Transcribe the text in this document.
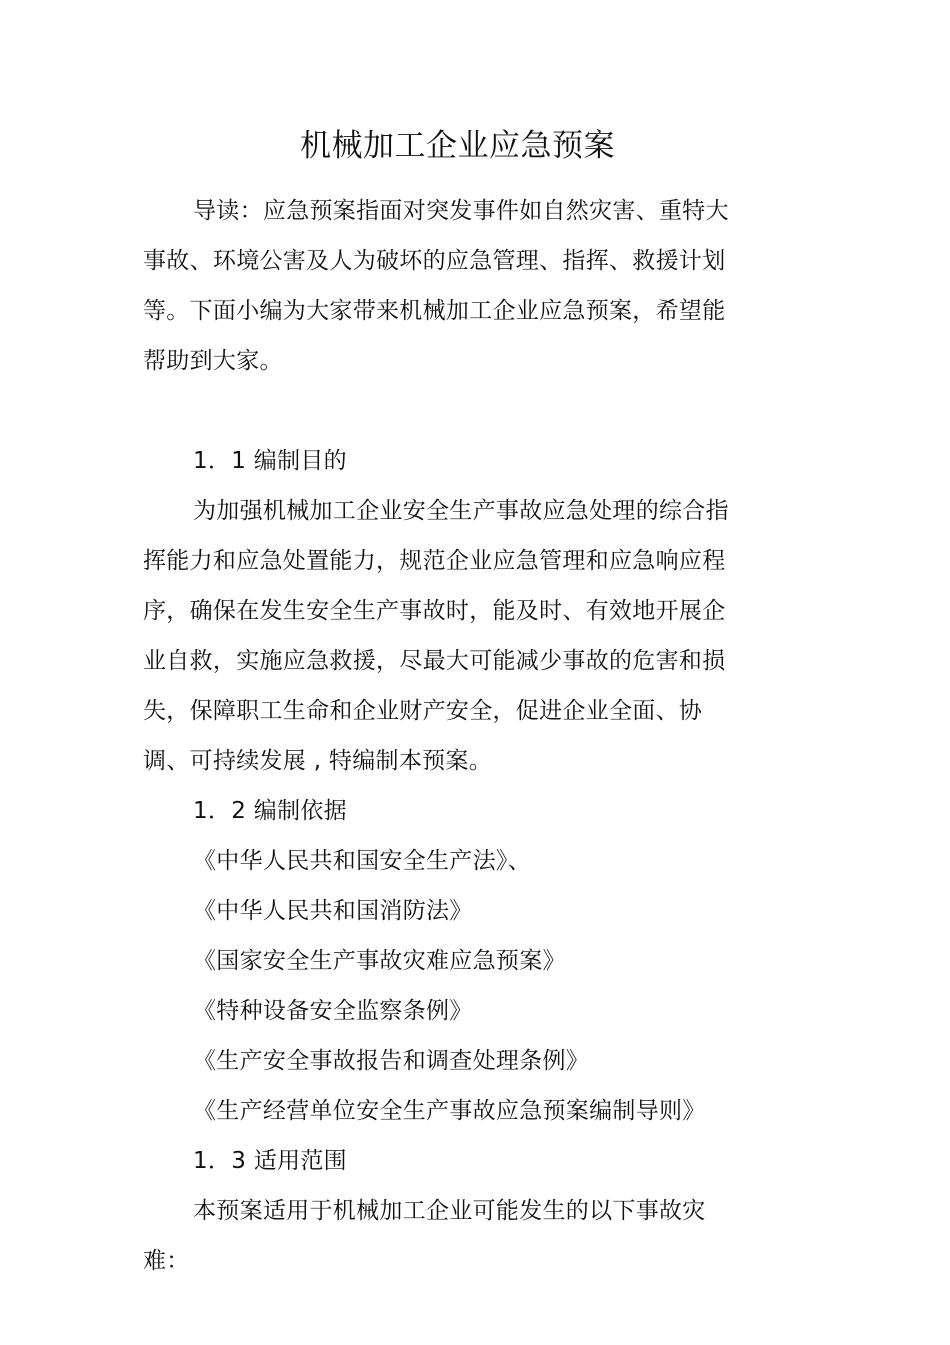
机械加工企业应急预案

导读：应急预案指面对突发事件如自然灾害、重特大事故、环境公害及人为破坏的应急管理、指挥、救援计划等。下面小编为大家带来机械加工企业应急预案，希望能帮助到大家。

1．1 编制目的

为加强机械加工企业安全生产事故应急处理的综合指挥能力和应急处置能力，规范企业应急管理和应急响应程序，确保在发生安全生产事故时，能及时、有效地开展企业自救，实施应急救援，尽最大可能减少事故的危害和损失，保障职工生命和企业财产安全，促进企业全面、协调、可持续发展 , 特编制本预案。

1．2 编制依据

《中华人民共和国安全生产法》、
《中华人民共和国消防法》
《国家安全生产事故灾难应急预案》
《特种设备安全监察条例》
《生产安全事故报告和调查处理条例》
《生产经营单位安全生产事故应急预案编制导则》

1．3 适用范围

本预案适用于机械加工企业可能发生的以下事故灾难：
